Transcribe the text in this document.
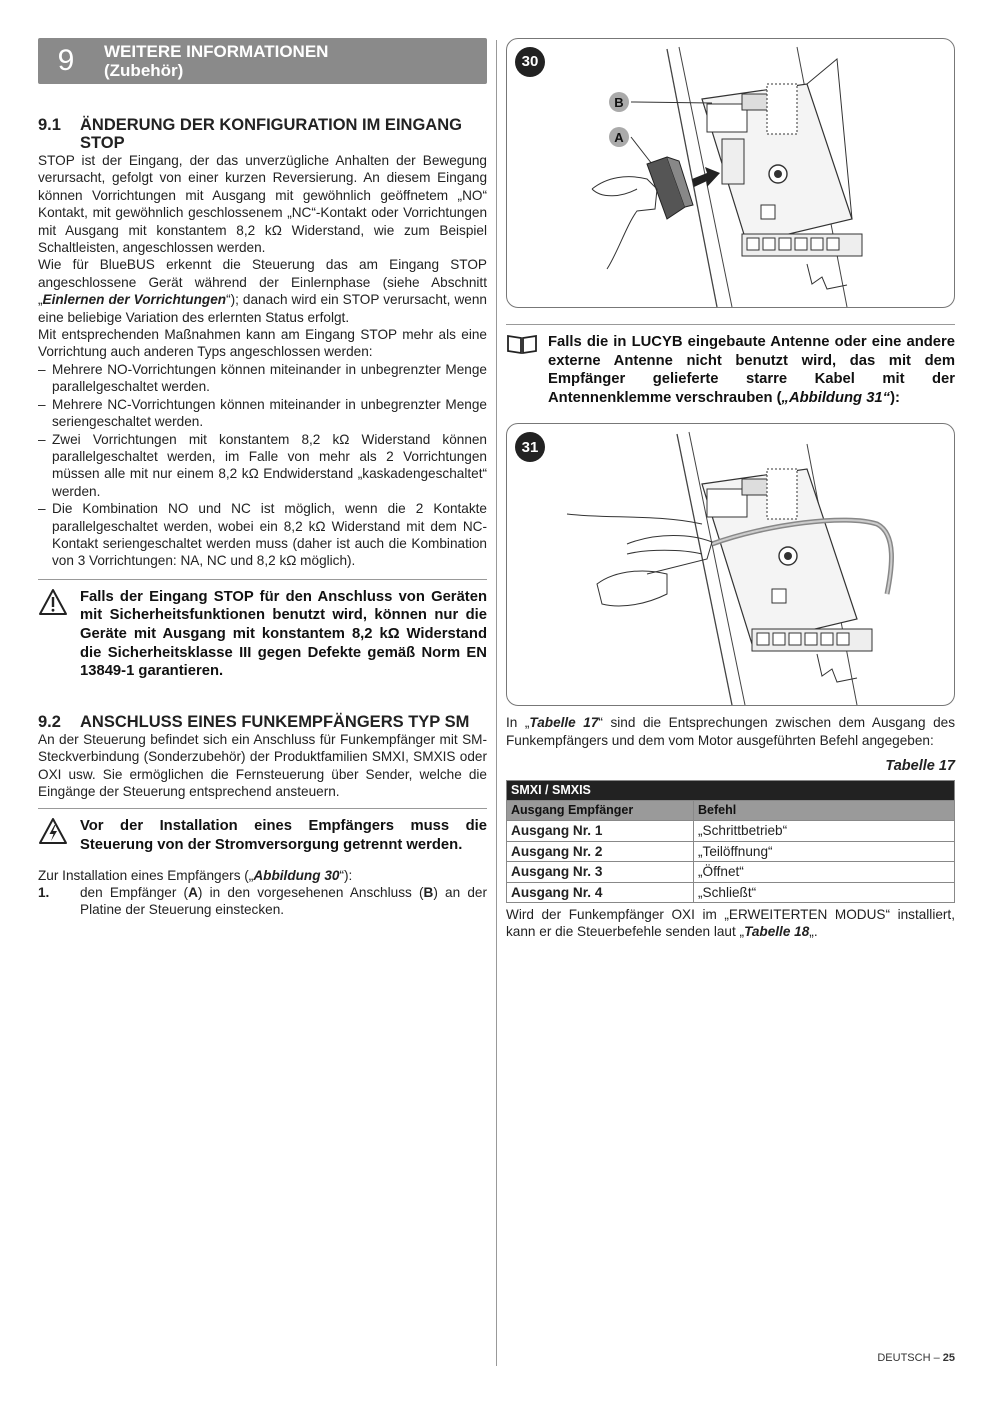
9	WEITERE INFORMATIONEN
(Zubehör)
9.1	ÄNDERUNG DER KONFIGURATION IM EINGANG STOP

STOP ist der Eingang, der das unverzügliche Anhalten der Bewegung verursacht, gefolgt von einer kurzen Reversierung. An diesem Eingang können Vorrichtungen mit Ausgang mit gewöhnlich geöffnetem „NO“ Kontakt, mit gewöhnlich geschlossenem „NC“-Kontakt oder Vorrichtungen mit Ausgang mit konstantem 8,2 kΩ Widerstand, wie zum Beispiel Schaltleisten, angeschlossen werden.

Wie für BlueBUS erkennt die Steuerung das am Eingang STOP angeschlossene Gerät während der Einlernphase (siehe Abschnitt „Einlernen der Vorrichtungen“); danach wird ein STOP verursacht, wenn eine beliebige Variation des erlernten Status erfolgt.

Mit entsprechenden Maßnahmen kann am Eingang STOP mehr als eine Vorrichtung auch anderen Typs angeschlossen werden:

– Mehrere NO-Vorrichtungen können miteinander in unbegrenzter Menge parallelgeschaltet werden.
– Mehrere NC-Vorrichtungen können miteinander in unbegrenzter Menge seriengeschaltet werden.
– Zwei Vorrichtungen mit konstantem 8,2 kΩ Widerstand können parallelgeschaltet werden, im Falle von mehr als 2 Vorrichtungen müssen alle mit nur einem 8,2 kΩ Endwiderstand „kaskadengeschaltet“ werden.
– Die Kombination NO und NC ist möglich, wenn die 2 Kontakte parallelgeschaltet werden, wobei ein 8,2 kΩ Widerstand mit dem NC-Kontakt seriengeschaltet werden muss (daher ist auch die Kombination von 3 Vorrichtungen: NA, NC und 8,2 kΩ möglich).
Falls der Eingang STOP für den Anschluss von Geräten mit Sicherheitsfunktionen benutzt wird, können nur die Geräte mit Ausgang mit konstantem 8,2 kΩ Widerstand die Sicherheitsklasse III gegen Defekte gemäß Norm EN 13849-1 garantieren.
9.2	ANSCHLUSS EINES FUNKEMPFÄNGERS TYP SM

An der Steuerung befindet sich ein Anschluss für Funkempfänger mit SM-Steckverbindung (Sonderzubehör) der Produktfamilien SMXI, SMXIS oder OXI usw. Sie ermöglichen die Fernsteuerung über Sender, welche die Eingänge der Steuerung entsprechend ansteuern.

Vor der Installation eines Empfängers muss die Steuerung von der Stromversorgung getrennt werden.

Zur Installation eines Empfängers („Abbildung 30“):

1.	den Empfänger (A) in den vorgesehenen Anschluss (B) an der Platine der Steuerung einstecken.
30
B
A
Falls die in LUCYB eingebaute Antenne oder eine andere externe Antenne nicht benutzt wird, das mit dem Empfänger gelieferte starre Kabel mit der Antennenklemme verschrauben („Abbildung 31“):
31

In „Tabelle 17“ sind die Entsprechungen zwischen dem Ausgang des Funkempfängers und dem vom Motor ausgeführten Befehl angegeben:

Tabelle 17
SMXI / SMXIS	
Ausgang Empfänger	Befehl
Ausgang Nr. 1	„Schrittbetrieb“
Ausgang Nr. 2	„Teilöffnung“
Ausgang Nr. 3	„Öffnet“
Ausgang Nr. 4	„Schließt“

Wird der Funkempfänger OXI im „ERWEITERTEN MODUS“ installiert, kann er die Steuerbefehle senden laut „Tabelle 18„.

DEUTSCH – 25
